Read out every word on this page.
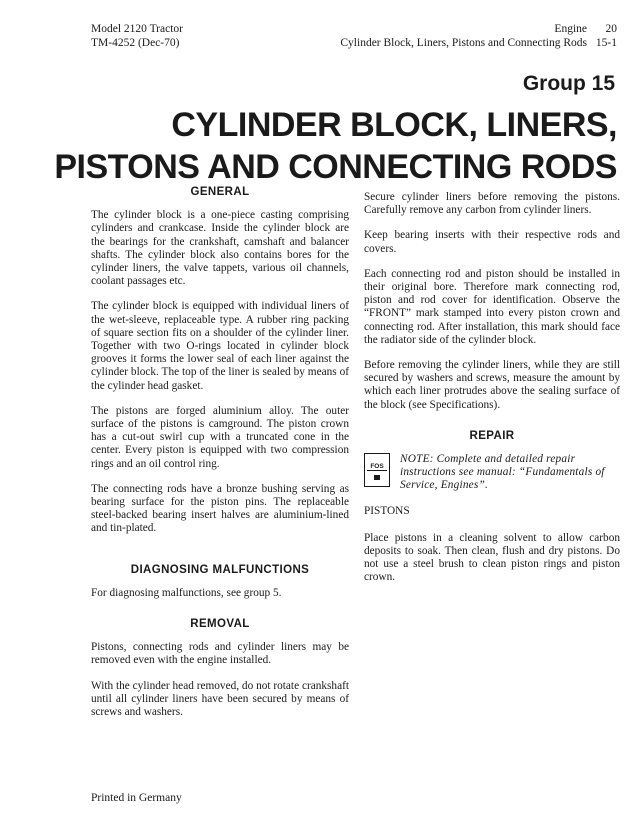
Model 2120 Tractor
TM-4252 (Dec-70)
Engine	20
Cylinder Block, Liners, Pistons and Connecting Rods 15-1
Group 15
CYLINDER BLOCK, LINERS,
PISTONS AND CONNECTING RODS
GENERAL

The cylinder block is a one-piece casting comprising cylinders and crankcase. Inside the cylinder block are the bearings for the crankshaft, camshaft and balancer shafts. The cylinder block also contains bores for the cylinder liners, the valve tappets, various oil channels, coolant passages etc.

The cylinder block is equipped with individual liners of the wet-sleeve, replaceable type. A rubber ring packing of square section fits on a shoulder of the cylinder liner. Together with two O-rings located in cylinder block grooves it forms the lower seal of each liner against the cylinder block. The top of the liner is sealed by means of the cylinder head gasket.

The pistons are forged aluminium alloy. The outer surface of the pistons is camground. The piston crown has a cut-out swirl cup with a truncated cone in the center. Every piston is equipped with two compression rings and an oil control ring.

The connecting rods have a bronze bushing serving as bearing surface for the piston pins. The replaceable steel-backed bearing insert halves are aluminium-lined and tin-plated.

DIAGNOSING MALFUNCTIONS

For diagnosing malfunctions, see group 5.

REMOVAL

Pistons, connecting rods and cylinder liners may be removed even with the engine installed.

With the cylinder head removed, do not rotate crankshaft until all cylinder liners have been secured by means of screws and washers.

Secure cylinder liners before removing the pistons. Carefully remove any carbon from cylinder liners.

Keep bearing inserts with their respective rods and covers.

Each connecting rod and piston should be installed in their original bore. Therefore mark connecting rod, piston and rod cover for identification. Observe the “FRONT” mark stamped into every piston crown and connecting rod. After installation, this mark should face the radiator side of the cylinder block.

Before removing the cylinder liners, while they are still secured by washers and screws, measure the amount by which each liner protrudes above the sealing surface of the block (see Specifications).

REPAIR
FOS
NOTE: Complete and detailed repair instructions see manual: “Fundamentals of Service, Engines”.
PISTONS

Place pistons in a cleaning solvent to allow carbon deposits to soak. Then clean, flush and dry pistons. Do not use a steel brush to clean piston rings and piston crown.

Printed in Germany
